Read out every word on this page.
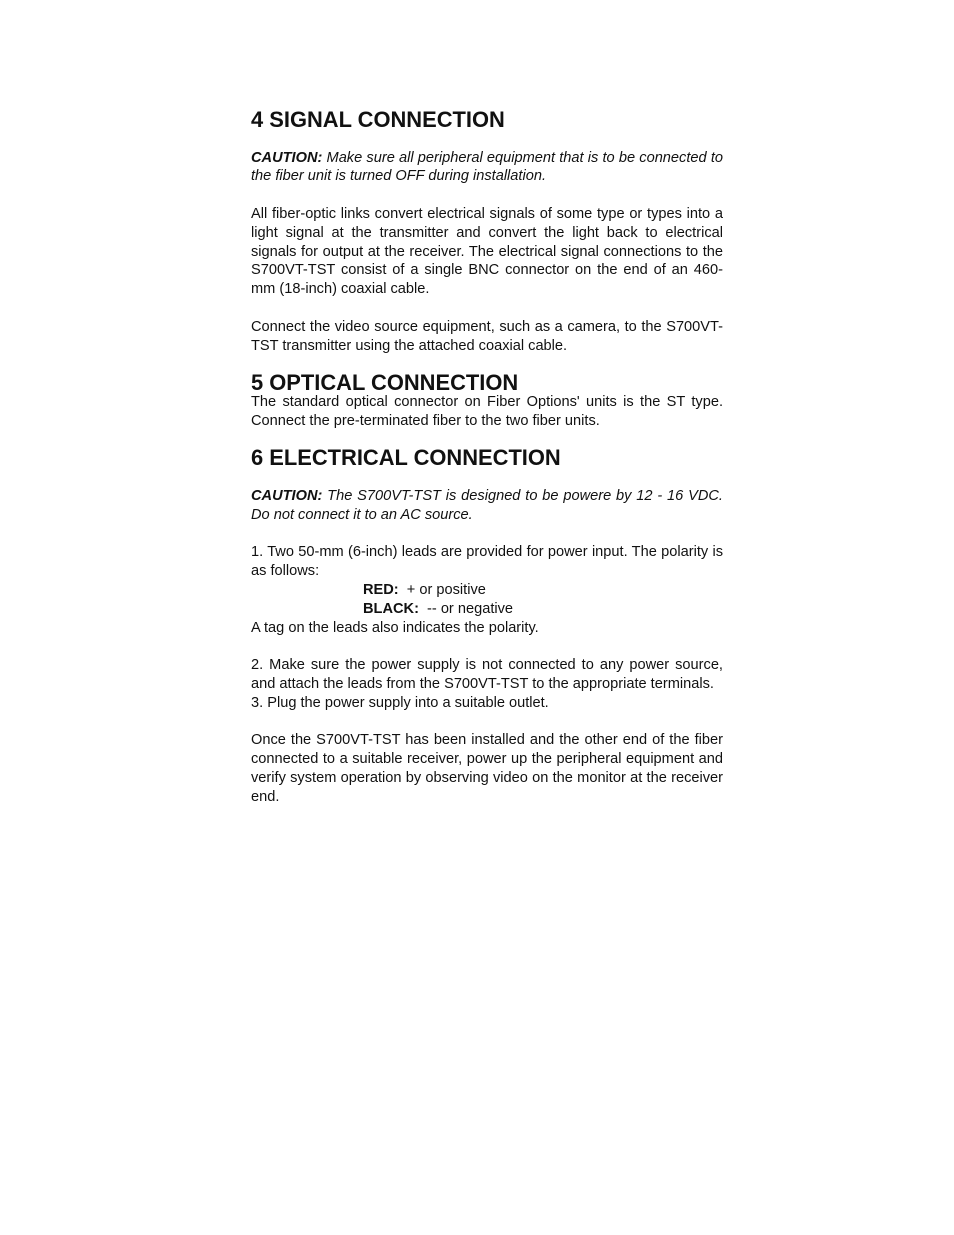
4 SIGNAL CONNECTION

CAUTION: Make sure all peripheral equipment that is to be connected to the fiber unit is turned OFF during installation.

All fiber-optic links convert electrical signals of some type or types into a light signal at the transmitter and convert the light back to electrical signals for output at the receiver. The electrical signal connections to the S700VT-TST consist of a single BNC connector on the end of an 460-mm (18-inch) coaxial cable.

Connect the video source equipment, such as a camera, to the S700VT-TST transmitter using the attached coaxial cable.

5 OPTICAL CONNECTION

The standard optical connector on Fiber Options' units is the ST type. Connect the pre-terminated fiber to the two fiber units.

6 ELECTRICAL CONNECTION

CAUTION: The S700VT-TST is designed to be powere by 12 - 16 VDC. Do not connect it to an AC source.

1. Two 50-mm (6-inch) leads are provided for power input. The polarity is as follows:

RED:  + or positive
BLACK:  -- or negative

A tag on the leads also indicates the polarity.

2. Make sure the power supply is not connected to any power source, and attach the leads from the S700VT-TST to the appropriate terminals.

3. Plug the power supply into a suitable outlet.

Once the S700VT-TST has been installed and the other end of the fiber connected to a suitable receiver, power up the peripheral equipment and verify system operation by observing video on the monitor at the receiver end.
